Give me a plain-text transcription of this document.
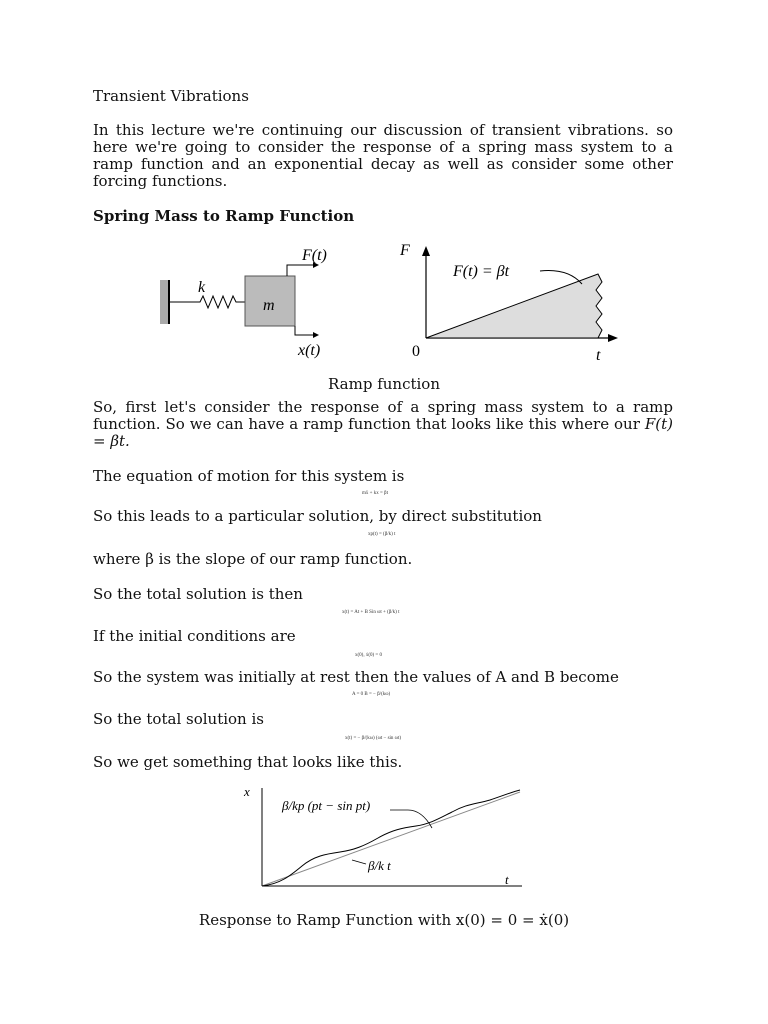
Transient Vibrations
In this lecture we're continuing our discussion of transient vibrations. so here we're going to consider the response of a spring mass system to a ramp function and an exponential decay as well as consider some other forcing functions.
Spring Mass to Ramp Function
k
m
F(t)
x(t)
F
0	t
F(t) = βt
Ramp function
So, first let's consider the response of a spring mass system to a ramp function. So we can have a ramp function that looks like this where our F(t) = βt.
The equation of motion for this system is
mẍ + kx = βt
So this leads to a particular solution, by direct substitution
xp(t) = (β/k) t
where β is the slope of our ramp function.
So the total solution is then
x(t) = At + B Sin ωt + (β/k) t
If the initial conditions are
x(0), ẋ(0) = 0
So the system was initially at rest then the values of A and B become
A = 0 B = − β/(kω)
So the total solution is
x(t) = − β/(kω) (ωt − sin ωt)
So we get something that looks like this.
x
β/kp (pt − sin pt)
β/k t
t
Response to Ramp Function with x(0) = 0 = ẋ(0)
